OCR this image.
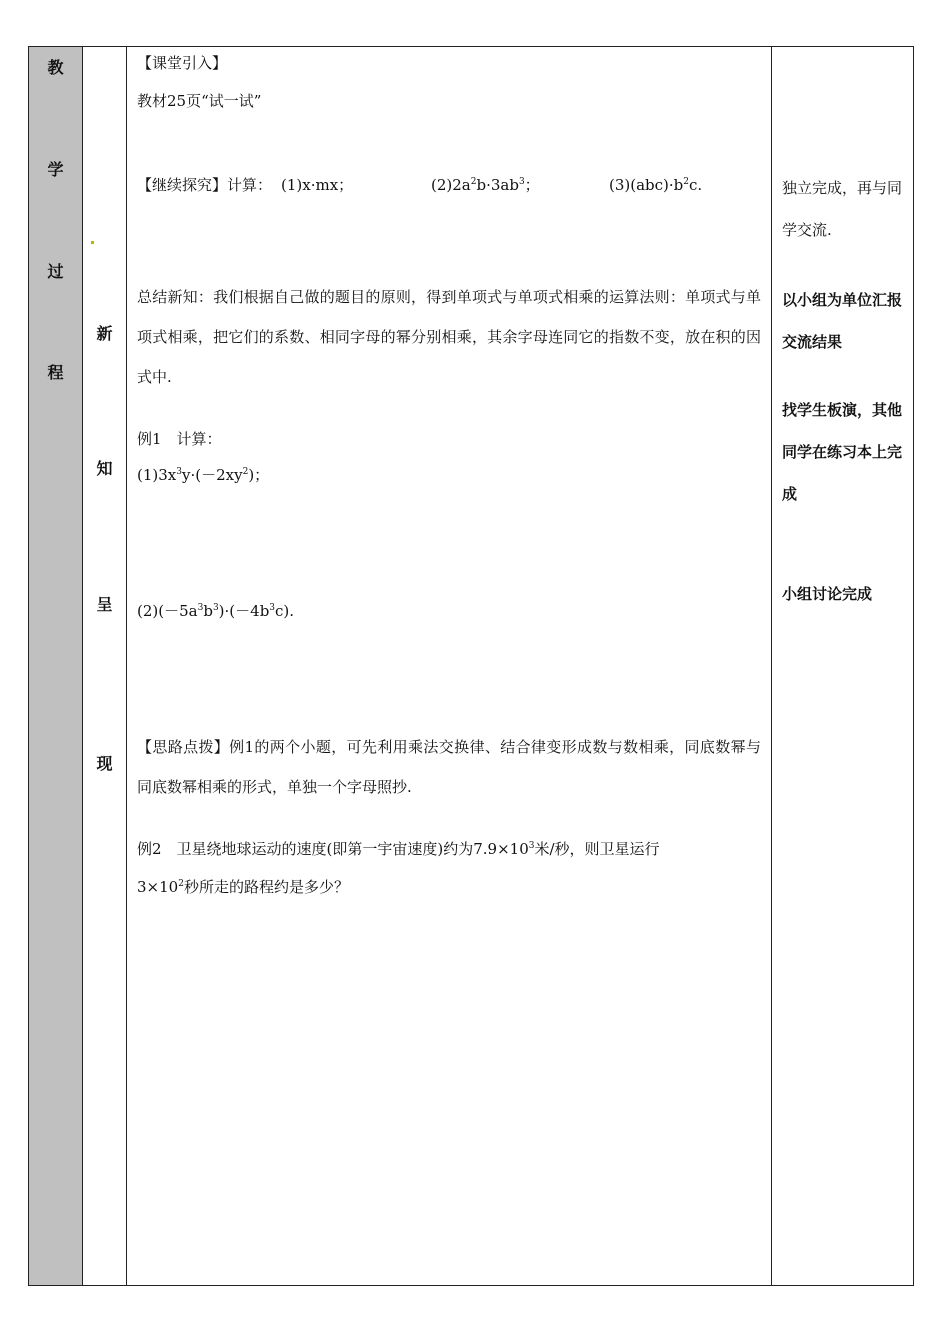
教
学
过
程
新
知
呈
现
【课堂引入】
教材25页“试一试”
【继续探究】计算： (1)x·mx；	$(2)2a^2b\cdot 3ab^3$；	$(3)(abc)\cdot b^2c$.
总结新知：我们根据自己做的题目的原则，得到单项式与单项式相乘的运算法则：单项式与单项式相乘，把它们的系数、相同字母的幂分别相乘，其余字母连同它的指数不变，放在积的因式中.
例1　计算：
$(1)3x^3y\cdot(-2xy^2)$；
$(2)(-5a^3b^3)\cdot(-4b^3c)$.
【思路点拨】例1的两个小题，可先利用乘法交换律、结合律变形成数与数相乘，同底数幂与同底数幂相乘的形式，单独一个字母照抄.
例2　卫星绕地球运动的速度(即第一宇宙速度)约为$7.9\times 10^3$米/秒，则卫星运行
$3\times 10^2$秒所走的路程约是多少？
独立完成，再与同学交流.
以小组为单位汇报交流结果
找学生板演，其他同学在练习本上完成
小组讨论完成
